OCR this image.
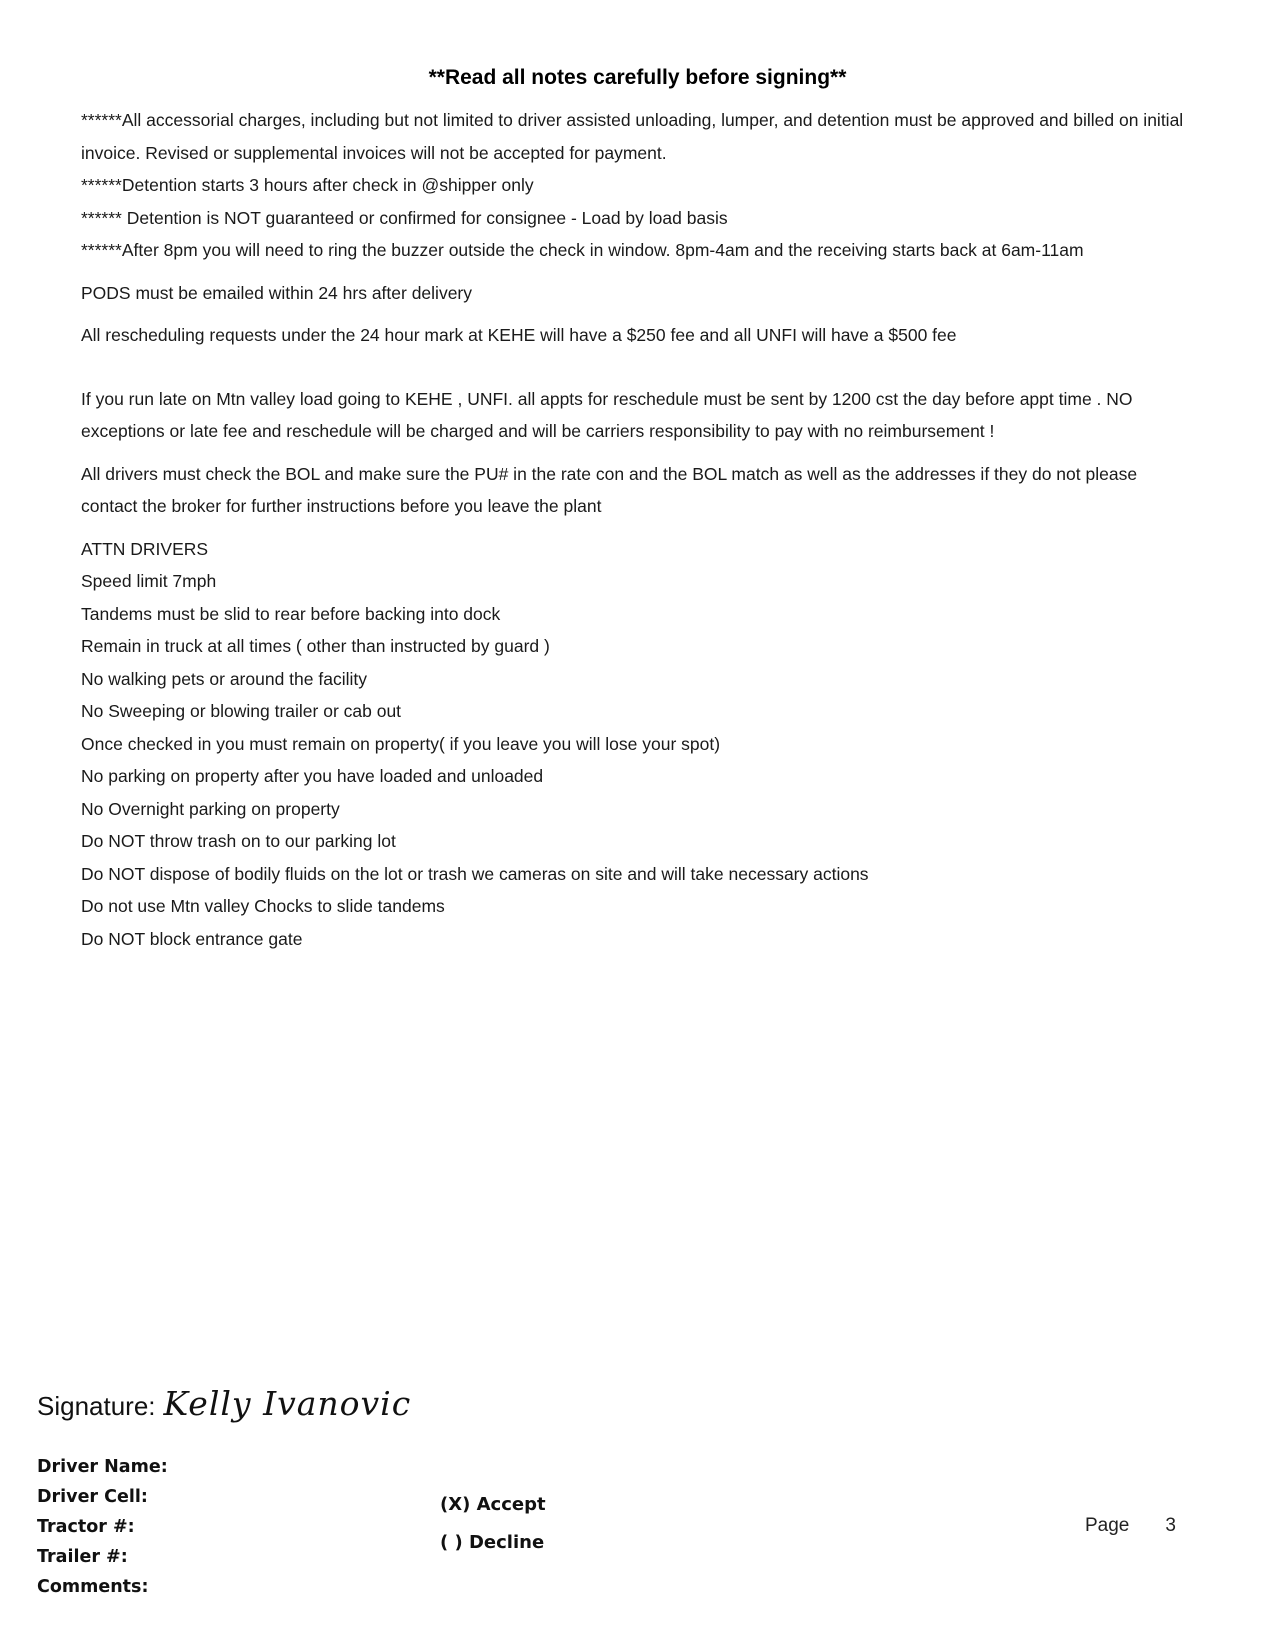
**Read all notes carefully before signing**

******All accessorial charges, including but not limited to driver assisted unloading, lumper, and detention must be approved and billed on initial invoice. Revised or supplemental invoices will not be accepted for payment.

******Detention starts 3 hours after check in @shipper only

****** Detention is NOT guaranteed or confirmed for consignee - Load by load basis

******After 8pm you will need to ring the buzzer outside the check in window. 8pm-4am and the receiving starts back at 6am-11am

PODS must be emailed within 24 hrs after delivery

All rescheduling requests under the 24 hour mark at KEHE will have a $250 fee and all UNFI will have a $500 fee

If you run late on Mtn valley load going to KEHE , UNFI. all appts for reschedule must be sent by 1200 cst the day before appt time . NO exceptions or late fee and reschedule will be charged and will be carriers responsibility to pay with no reimbursement !

All drivers must check the BOL and make sure the PU# in the rate con and the BOL match as well as the addresses if they do not please contact the broker for further instructions before you leave the plant

ATTN DRIVERS

Speed limit 7mph

Tandems must be slid to rear before backing into dock

Remain in truck at all times ( other than instructed by guard )

No walking pets or around the facility

No Sweeping or blowing trailer or cab out

Once checked in you must remain on property( if you leave you will lose your spot)

No parking on property after you have loaded and unloaded

No Overnight parking on property

Do NOT throw trash on to our parking lot

Do NOT dispose of bodily fluids on the lot or trash we cameras on site and will take necessary actions

Do not use Mtn valley Chocks to slide tandems

Do NOT block entrance gate

Signature: Kelly Ivanovic
Driver Name:
Driver Cell:
Tractor #:
Trailer #:
Comments:
(X) Accept
( ) Decline
Page 3
